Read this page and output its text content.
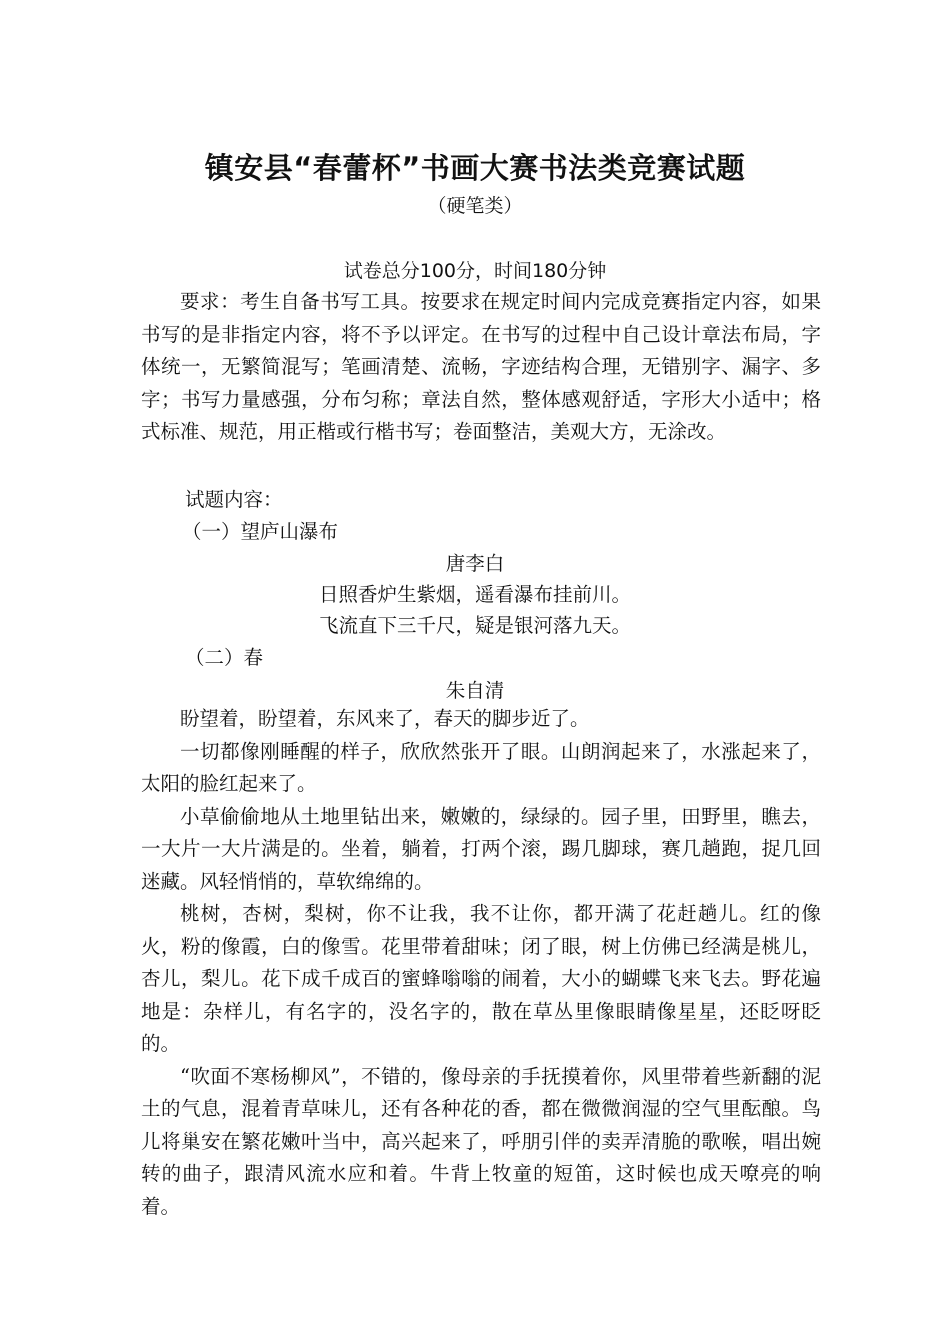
镇安县“春蕾杯”书画大赛书法类竞赛试题
（硬笔类）
试卷总分100分，时间180分钟

要求：考生自备书写工具。按要求在规定时间内完成竞赛指定内容，如果书写的是非指定内容，将不予以评定。在书写的过程中自己设计章法布局，字体统一，无繁简混写；笔画清楚、流畅，字迹结构合理，无错别字、漏字、多字；书写力量感强，分布匀称；章法自然，整体感观舒适，字形大小适中；格式标准、规范，用正楷或行楷书写；卷面整洁，美观大方，无涂改。

试题内容：
（一）望庐山瀑布
唐李白
日照香炉生紫烟，遥看瀑布挂前川。
飞流直下三千尺，疑是银河落九天。
（二）春
朱自清

盼望着，盼望着，东风来了，春天的脚步近了。

一切都像刚睡醒的样子，欣欣然张开了眼。山朗润起来了，水涨起来了，太阳的脸红起来了。

小草偷偷地从土地里钻出来，嫩嫩的，绿绿的。园子里，田野里，瞧去，一大片一大片满是的。坐着，躺着，打两个滚，踢几脚球，赛几趟跑，捉几回迷藏。风轻悄悄的，草软绵绵的。

桃树，杏树，梨树，你不让我，我不让你，都开满了花赶趟儿。红的像火，粉的像霞，白的像雪。花里带着甜味；闭了眼，树上仿佛已经满是桃儿，杏儿，梨儿。花下成千成百的蜜蜂嗡嗡的闹着，大小的蝴蝶飞来飞去。野花遍地是：杂样儿，有名字的，没名字的，散在草丛里像眼睛像星星，还眨呀眨的。

“吹面不寒杨柳风”，不错的，像母亲的手抚摸着你，风里带着些新翻的泥土的气息，混着青草味儿，还有各种花的香，都在微微润湿的空气里酝酿。鸟儿将巢安在繁花嫩叶当中，高兴起来了，呼朋引伴的卖弄清脆的歌喉，唱出婉转的曲子，跟清风流水应和着。牛背上牧童的短笛，这时候也成天嘹亮的响着。
